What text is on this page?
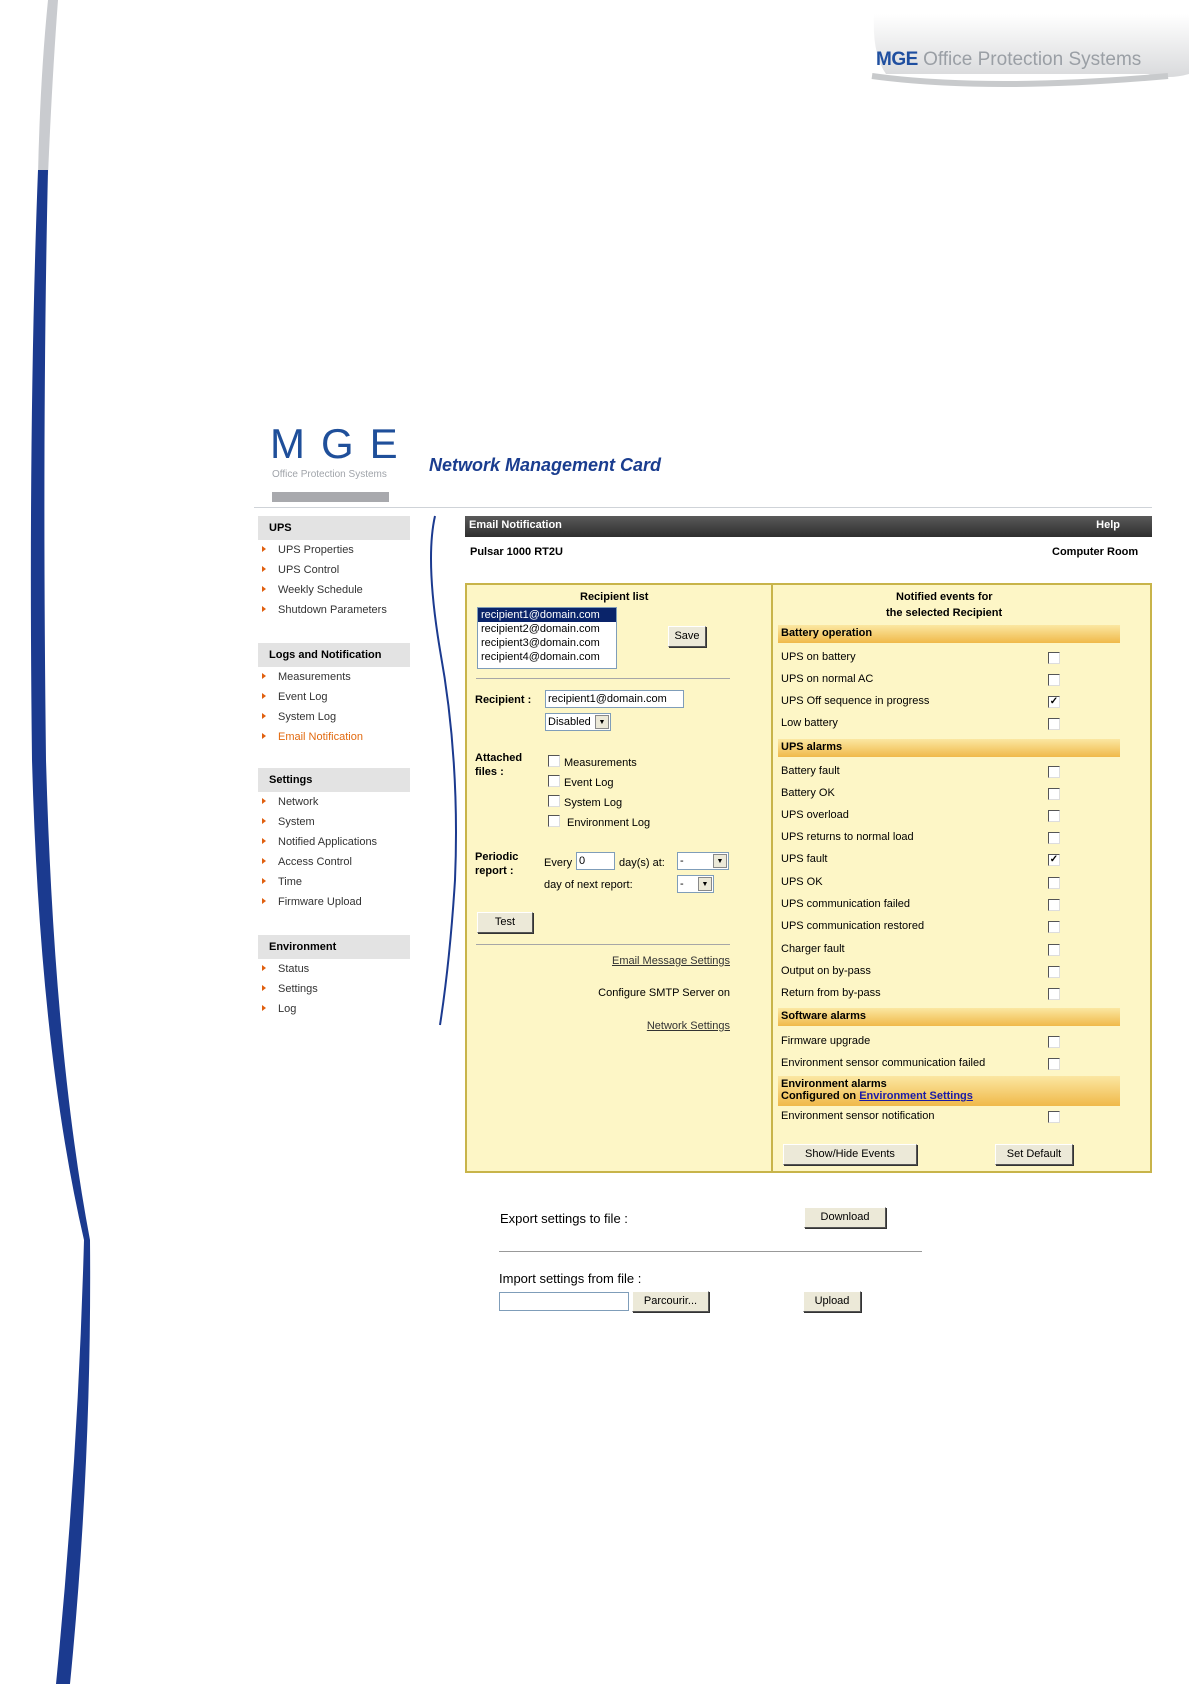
MGE Office Protection Systems
MGE
Office Protection Systems Network Management Card
UPS
UPS Properties
UPS Control
Weekly Schedule
Shutdown Parameters
Logs and Notification
Measurements
Event Log
System Log
Email Notification
Settings
Network
System
Notified Applications
Access Control
Time
Firmware Upload
Environment
Status
Settings
Log
Email Notification	Help
Pulsar 1000 RT2U	Computer Room
Recipient list
recipient1@domain.com
recipient2@domain.com
recipient3@domain.com
recipient4@domain.com
Save
Recipient :
recipient1@domain.com
Disabled	▼
Attached
files :
Measurements
Event Log
System Log
Environment Log
Periodic
report :
Every
0	day(s) at: -	▼
day of next report:	-	▼
Test
Email Message Settings
Configure SMTP Server on
Network Settings
Notified events for
the selected Recipient
Battery operation
UPS on battery
UPS on normal AC
UPS Off sequence in progress	✓
Low battery
UPS alarms
Battery fault
Battery OK
UPS overload
UPS returns to normal load
UPS fault	✓
UPS OK
UPS communication failed
UPS communication restored
Charger fault
Output on by-pass
Return from by-pass
Software alarms
Firmware upgrade
Environment sensor communication failed
Environment alarms
Configured on Environment Settings
Environment sensor notification
Show/Hide Events	Set Default
Export settings to file :	Download
Import settings from file :
Parcourir...	Upload
